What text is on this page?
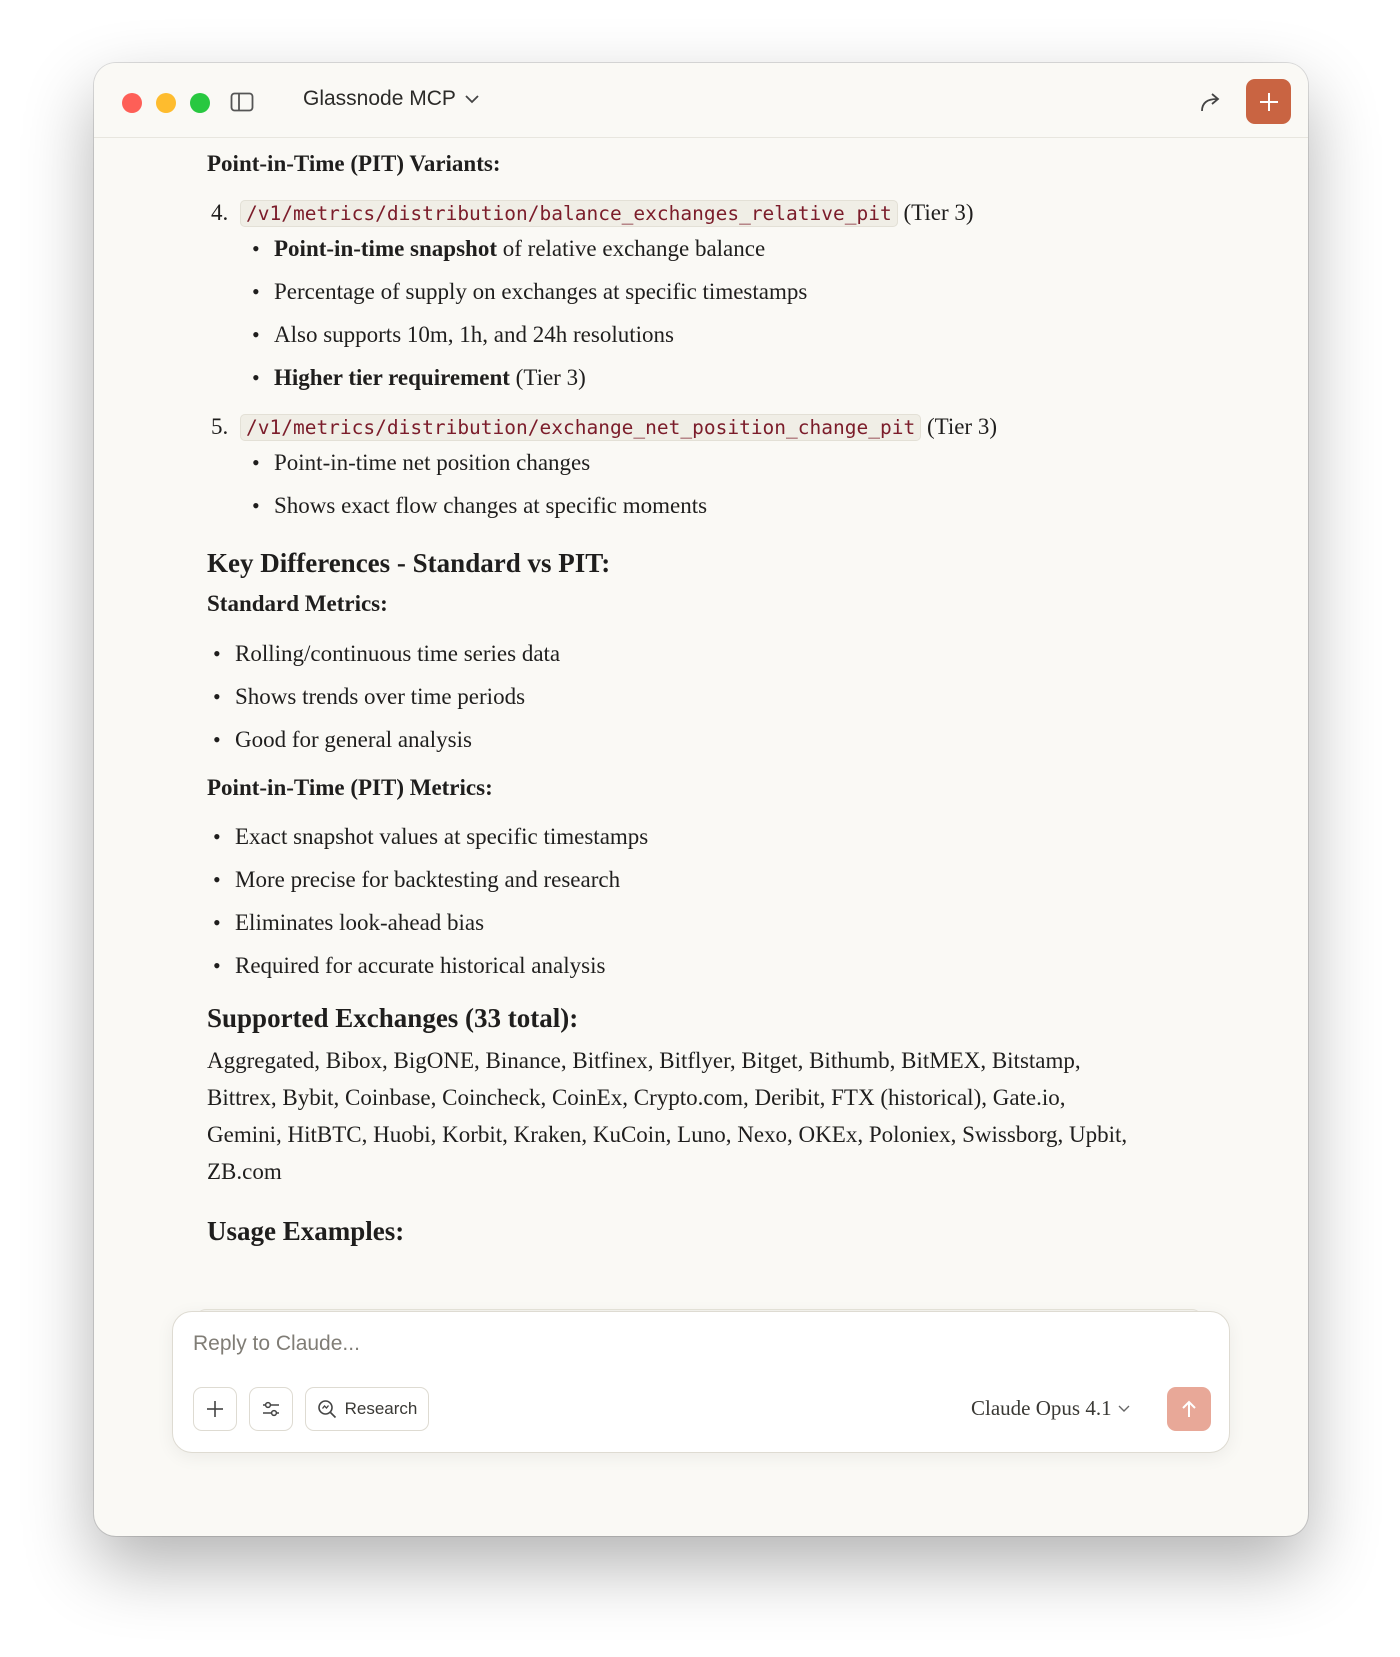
Glassnode MCP
Point-in-Time (PIT) Variants:
4. /v1/metrics/distribution/balance_exchanges_relative_pit (Tier 3)
• Point-in-time snapshot of relative exchange balance
• Percentage of supply on exchanges at specific timestamps
• Also supports 10m, 1h, and 24h resolutions
• Higher tier requirement (Tier 3)
5. /v1/metrics/distribution/exchange_net_position_change_pit (Tier 3)
• Point-in-time net position changes
• Shows exact flow changes at specific moments
Key Differences - Standard vs PIT:
Standard Metrics:
• Rolling/continuous time series data
• Shows trends over time periods
• Good for general analysis
Point-in-Time (PIT) Metrics:
• Exact snapshot values at specific timestamps
• More precise for backtesting and research
• Eliminates look-ahead bias
• Required for accurate historical analysis
Supported Exchanges (33 total):

Aggregated, Bibox, BigONE, Binance, Bitfinex, Bitflyer, Bitget, Bithumb, BitMEX, Bitstamp, Bittrex, Bybit, Coinbase, Coincheck, CoinEx, Crypto.com, Deribit, FTX (historical), Gate.io, Gemini, HitBTC, Huobi, Korbit, Kraken, KuCoin, Luno, Nexo, OKEx, Poloniex, Swissborg, Upbit, ZB.com

Usage Examples:
Reply to Claude...
Research	Claude Opus 4.1
